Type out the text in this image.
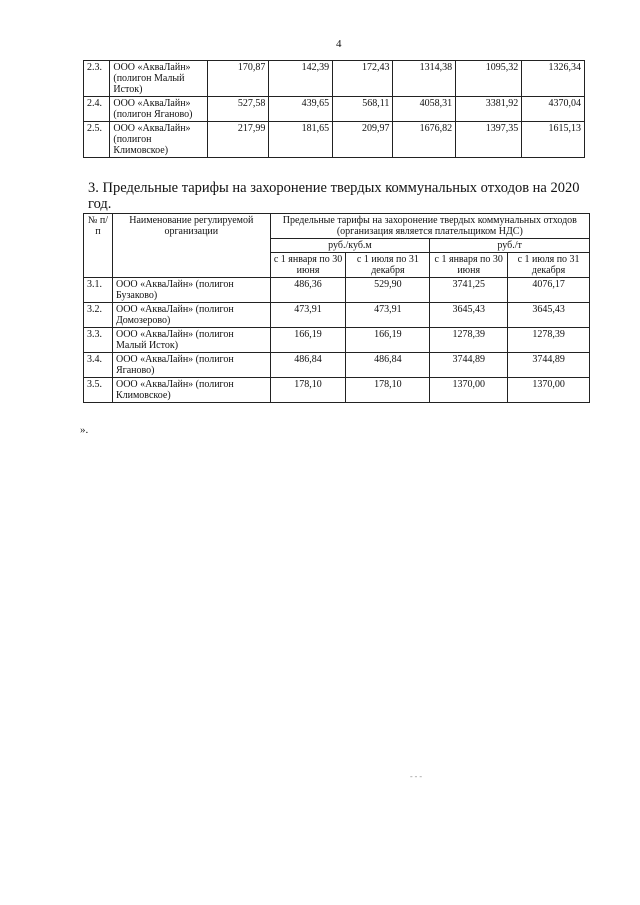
4
2.3.	ООО «АкваЛайн» (полигон Малый Исток)	170,87	142,39	172,43	1314,38	1095,32	1326,34
2.4.	ООО «АкваЛайн» (полигон Яганово)	527,58	439,65	568,11	4058,31	3381,92	4370,04
2.5.	ООО «АкваЛайн» (полигон Климовское)	217,99	181,65	209,97	1676,82	1397,35	1615,13
3. Предельные тарифы на захоронение твердых коммунальных отходов на 2020 год.
№ п/п	Наименование регулируемой организации	Предельные тарифы на захоронение твердых коммунальных отходов (организация является плательщиком НДС)			
		руб./куб.м		руб./т	
		с 1 января по 30 июня	с 1 июля по 31 декабря	с 1 января по 30 июня	с 1 июля по 31 декабря
3.1.	ООО «АкваЛайн» (полигон Бузаково)	486,36	529,90	3741,25	4076,17
3.2.	ООО «АкваЛайн» (полигон Домозерово)	473,91	473,91	3645,43	3645,43
3.3.	ООО «АкваЛайн» (полигон Малый Исток)	166,19	166,19	1278,39	1278,39
3.4.	ООО «АкваЛайн» (полигон Яганово)	486,84	486,84	3744,89	3744,89
3.5.	ООО «АкваЛайн» (полигон Климовское)	178,10	178,10	1370,00	1370,00
».
- - -
